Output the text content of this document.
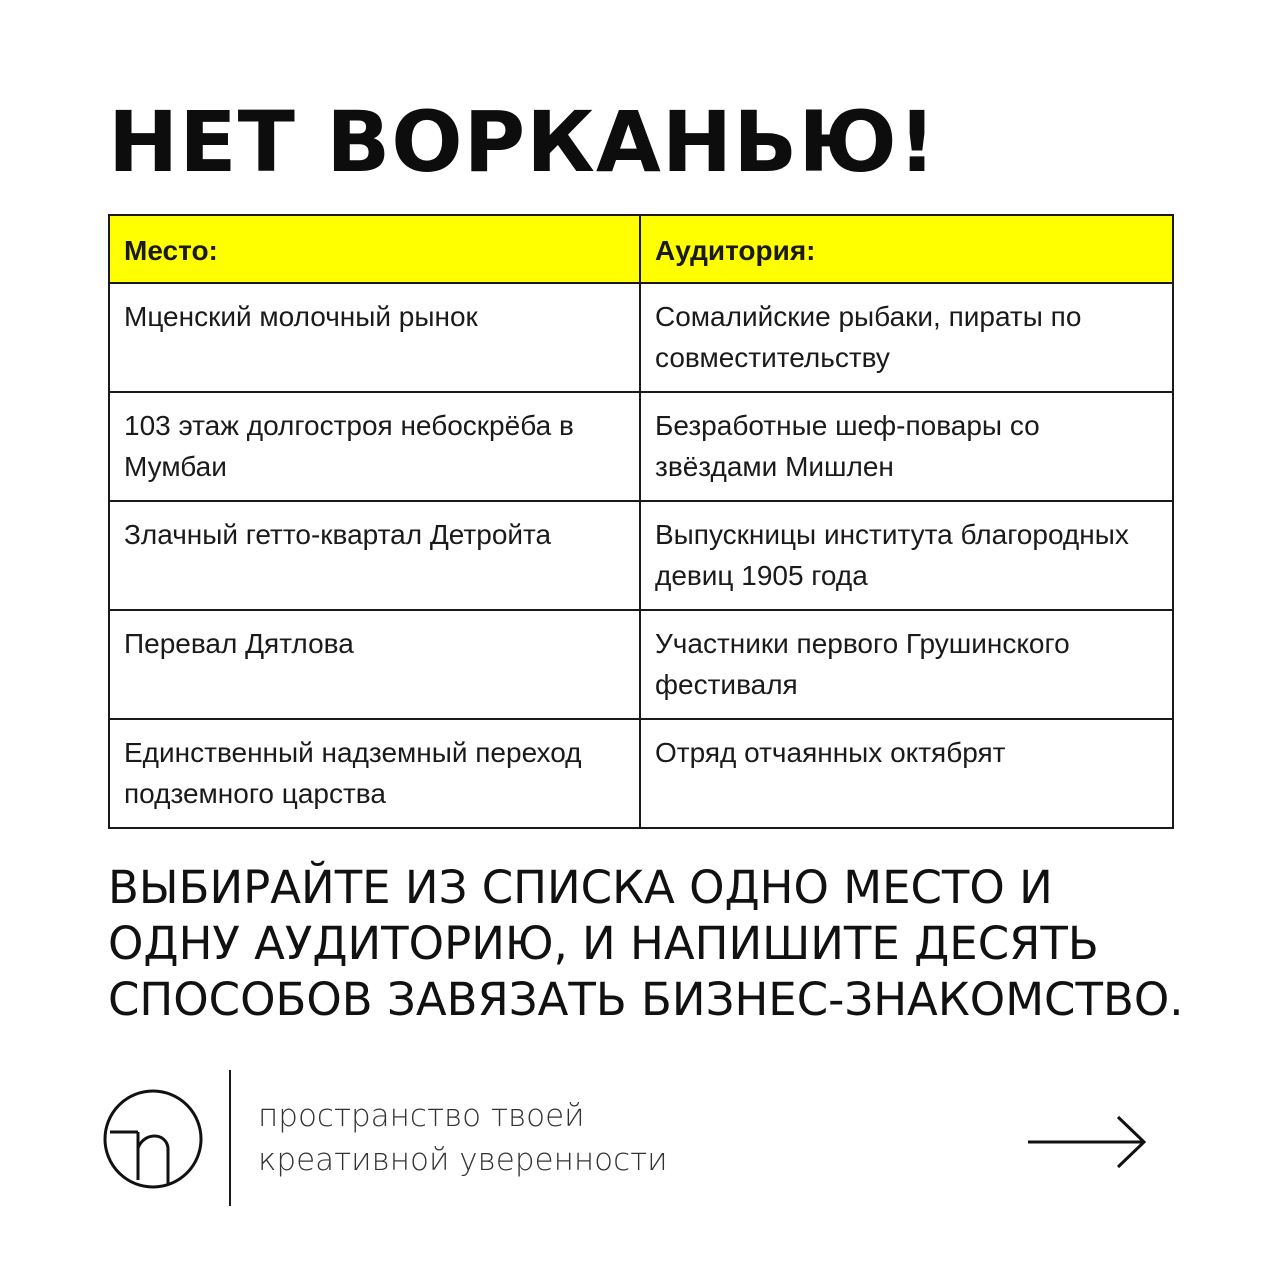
НЕТ ВОРКАНЬЮ!
Место:	Аудитория:
Мценский молочный рынок	Сомалийские рыбаки, пираты по совместительству
103 этаж долгостроя небоскрёба в Мумбаи	Безработные шеф-повары со звёздами Мишлен
Злачный гетто-квартал Детройта	Выпускницы института благородных девиц 1905 года
Перевал Дятлова	Участники первого Грушинского фестиваля
Единственный надземный переход подземного царства	Отряд отчаянных октябрят

ВЫБИРАЙТЕ ИЗ СПИСКА ОДНО МЕСТО И ОДНУ АУДИТОРИЮ, И НАПИШИТЕ ДЕСЯТЬ СПОСОБОВ ЗАВЯЗАТЬ БИЗНЕС-ЗНАКОМСТВО.

пространство твоей
креативной уверенности
